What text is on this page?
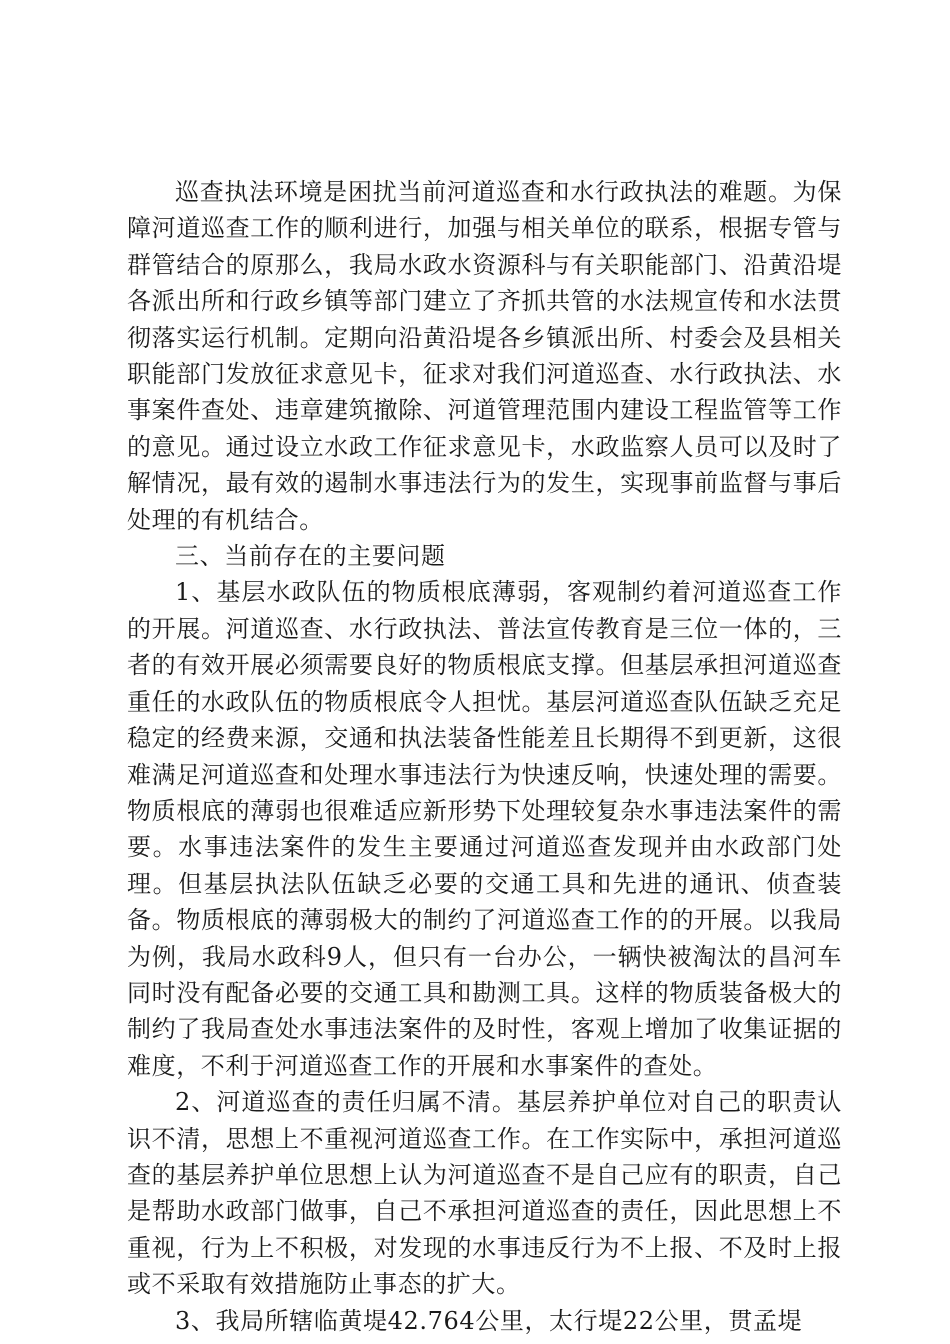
巡查执法环境是困扰当前河道巡查和水行政执法的难题。为保障河道巡查工作的顺利进行，加强与相关单位的联系，根据专管与群管结合的原那么，我局水政水资源科与有关职能部门、沿黄沿堤各派出所和行政乡镇等部门建立了齐抓共管的水法规宣传和水法贯彻落实运行机制。定期向沿黄沿堤各乡镇派出所、村委会及县相关职能部门发放征求意见卡，征求对我们河道巡查、水行政执法、水事案件查处、违章建筑撤除、河道管理范围内建设工程监管等工作的意见。通过设立水政工作征求意见卡，水政监察人员可以及时了解情况，最有效的遏制水事违法行为的发生，实现事前监督与事后处理的有机结合。

三、当前存在的主要问题

1、基层水政队伍的物质根底薄弱，客观制约着河道巡查工作的开展。河道巡查、水行政执法、普法宣传教育是三位一体的，三者的有效开展必须需要良好的物质根底支撑。但基层承担河道巡查重任的水政队伍的物质根底令人担忧。基层河道巡查队伍缺乏充足稳定的经费来源，交通和执法装备性能差且长期得不到更新，这很难满足河道巡查和处理水事违法行为快速反响，快速处理的需要。物质根底的薄弱也很难适应新形势下处理较复杂水事违法案件的需要。水事违法案件的发生主要通过河道巡查发现并由水政部门处理。但基层执法队伍缺乏必要的交通工具和先进的通讯、侦查装备。物质根底的薄弱极大的制约了河道巡查工作的的开展。以我局为例，我局水政科9人，但只有一台办公，一辆快被淘汰的昌河车同时没有配备必要的交通工具和勘测工具。这样的物质装备极大的制约了我局查处水事违法案件的及时性，客观上增加了收集证据的难度，不利于河道巡查工作的开展和水事案件的查处。

2、河道巡查的责任归属不清。基层养护单位对自己的职责认识不清，思想上不重视河道巡查工作。在工作实际中，承担河道巡查的基层养护单位思想上认为河道巡查不是自己应有的职责，自己是帮助水政部门做事，自己不承担河道巡查的责任，因此思想上不重视，行为上不积极，对发现的水事违反行为不上报、不及时上报或不采取有效措施防止事态的扩大。

3、我局所辖临黄堤42.764公里，太行堤22公里，贯孟堤
